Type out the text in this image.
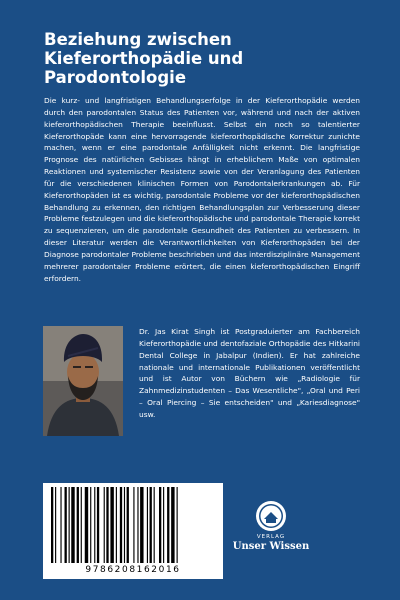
Beziehung zwischen
Kieferorthopädie und
Parodontologie
Die kurz- und langfristigen Behandlungserfolge in der Kieferorthopädie werden durch den parodontalen Status des Patienten vor, während und nach der aktiven kieferorthopädischen Therapie beeinflusst. Selbst ein noch so talentierter Kieferorthopäde kann eine hervorragende kieferorthopädische Korrektur zunichte machen, wenn er eine parodontale Anfälligkeit nicht erkennt. Die langfristige Prognose des natürlichen Gebisses hängt in erheblichem Maße von optimalen Reaktionen und systemischer Resistenz sowie von der Veranlagung des Patienten für die verschiedenen klinischen Formen von Parodontalerkrankungen ab. Für Kieferorthopäden ist es wichtig, parodontale Probleme vor der kieferorthopädischen Behandlung zu erkennen, den richtigen Behandlungsplan zur Verbesserung dieser Probleme festzulegen und die kieferorthopädische und parodontale Therapie korrekt zu sequenzieren, um die parodontale Gesundheit des Patienten zu verbessern. In dieser Literatur werden die Verantwortlichkeiten von Kieferorthopäden bei der Diagnose parodontaler Probleme beschrieben und das interdisziplinäre Management mehrerer parodontaler Probleme erörtert, die einen kieferorthopädischen Eingriff erfordern.
Dr. Jas Kirat Singh ist Postgraduierter am Fachbereich Kieferorthopädie und dentofaziale Orthopädie des Hitkarini Dental College in Jabalpur (Indien). Er hat zahlreiche nationale und internationale Publikationen veröffentlicht und ist Autor von Büchern wie „Radiologie für Zahnmedizinstudenten – Das Wesentliche", „Oral und Peri – Oral Piercing – Sie entscheiden" und „Kariesdiagnose" usw.
9786208162016
VERLAG
Unser Wissen
